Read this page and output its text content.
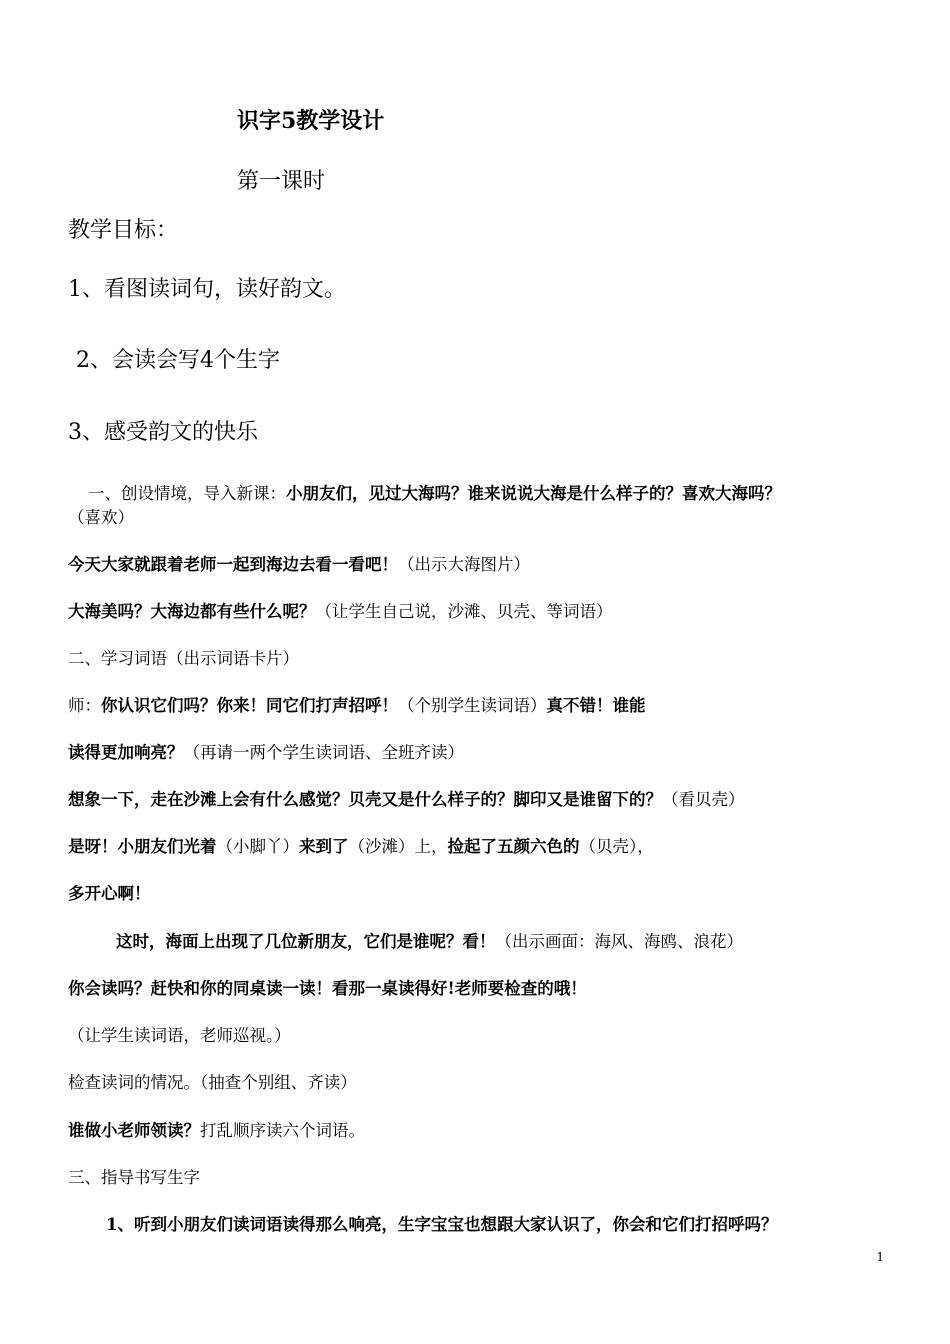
识字5教学设计
第一课时
教学目标：
1、看图读词句，读好韵文。
2、会读会写4个生字
3、感受韵文的快乐
一、创设情境，导入新课：小朋友们，见过大海吗？谁来说说大海是什么样子的？喜欢大海吗？
（喜欢）
今天大家就跟着老师一起到海边去看一看吧！（出示大海图片）
大海美吗？大海边都有些什么呢？（让学生自己说，沙滩、贝壳、等词语）
二、学习词语（出示词语卡片）
师：你认识它们吗？你来！同它们打声招呼！（个别学生读词语）真不错！谁能
读得更加响亮？（再请一两个学生读词语、全班齐读）
想象一下，走在沙滩上会有什么感觉？贝壳又是什么样子的？脚印又是谁留下的？（看贝壳）
是呀！小朋友们光着（小脚丫）来到了（沙滩）上，捡起了五颜六色的（贝壳），
多开心啊！
这时，海面上出现了几位新朋友，它们是谁呢？看！（出示画面：海风、海鸥、浪花）
你会读吗？赶快和你的同桌读一读！看那一桌读得好!老师要检查的哦！
（让学生读词语，老师巡视。）
检查读词的情况。（抽查个别组、齐读）
谁做小老师领读？打乱顺序读六个词语。
三、指导书写生字
1、听到小朋友们读词语读得那么响亮，生字宝宝也想跟大家认识了，你会和它们打招呼吗？
1
